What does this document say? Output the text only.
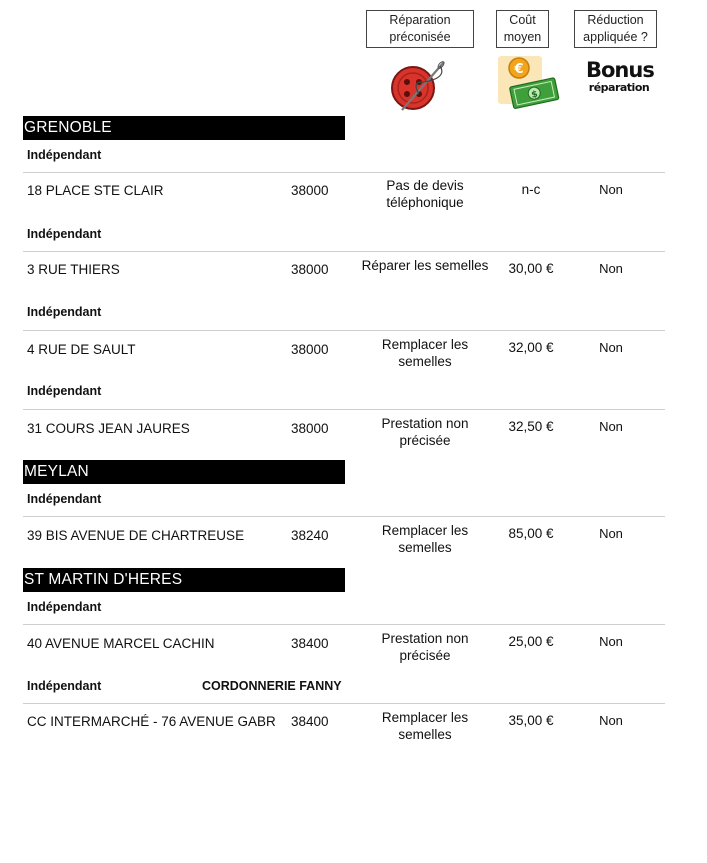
Réparation
préconisée
Coût
moyen
Réduction
appliquée ?
€
$
Bonus
réparation
GRENOBLE
Indépendant
18 PLACE STE CLAIR	38000	Pas de devis
téléphonique
n-c	Non
Indépendant
3 RUE THIERS	38000	Réparer les semelles	30,00 €	Non
Indépendant
4 RUE DE SAULT	38000	Remplacer les
semelles
32,00 €	Non
Indépendant
31 COURS JEAN JAURES	38000	Prestation non
précisée
32,50 €	Non
MEYLAN
Indépendant
39 BIS AVENUE DE CHARTREUSE	38240	Remplacer les
semelles
85,00 €	Non
ST MARTIN D'HERES
Indépendant
40 AVENUE MARCEL CACHIN	38400	Prestation non
précisée
25,00 €	Non
Indépendant	CORDONNERIE FANNY
CC INTERMARCHÉ - 76 AVENUE GABR 38400	Remplacer les
semelles
35,00 €	Non
